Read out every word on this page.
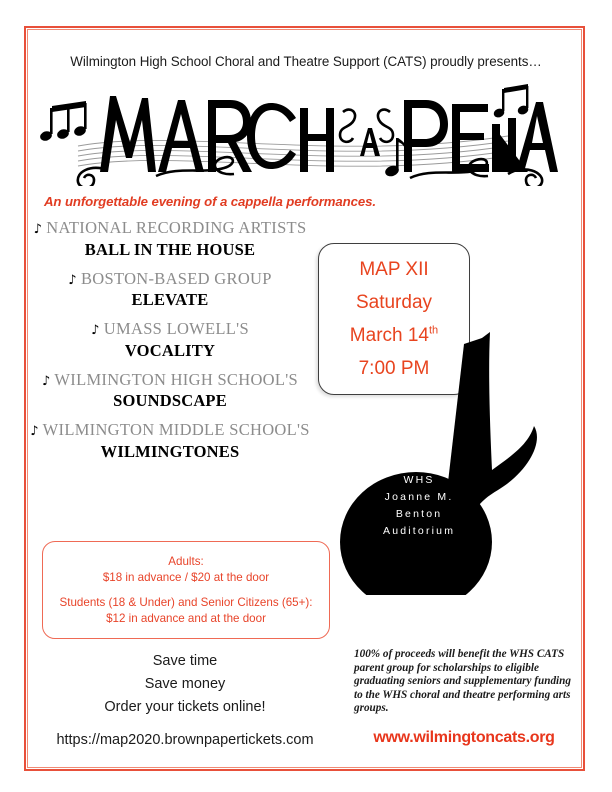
Wilmington High School Choral and Theatre Support (CATS) proudly presents…
An unforgettable evening of a cappella performances.
♪ NATIONAL RECORDING ARTISTS
BALL IN THE HOUSE
♪ BOSTON-BASED GROUP
ELEVATE
♪ UMASS LOWELL'S
VOCALITY
♪ WILMINGTON HIGH SCHOOL'S
SOUNDSCAPE
♪ WILMINGTON MIDDLE SCHOOL'S
WILMINGTONES
MAP XII
Saturday
March 14th
7:00 PM
WHS
Joanne M.
Benton
Auditorium
Adults:
$18 in advance / $20 at the door
Students (18 & Under) and Senior Citizens (65+):
$12 in advance and at the door
Save time
Save money
Order your tickets online!
https://map2020.brownpapertickets.com
100% of proceeds will benefit the WHS CATS parent group for scholarships to eligible graduating seniors and supplementary funding to the WHS choral and theatre performing arts groups.
www.wilmingtoncats.org
